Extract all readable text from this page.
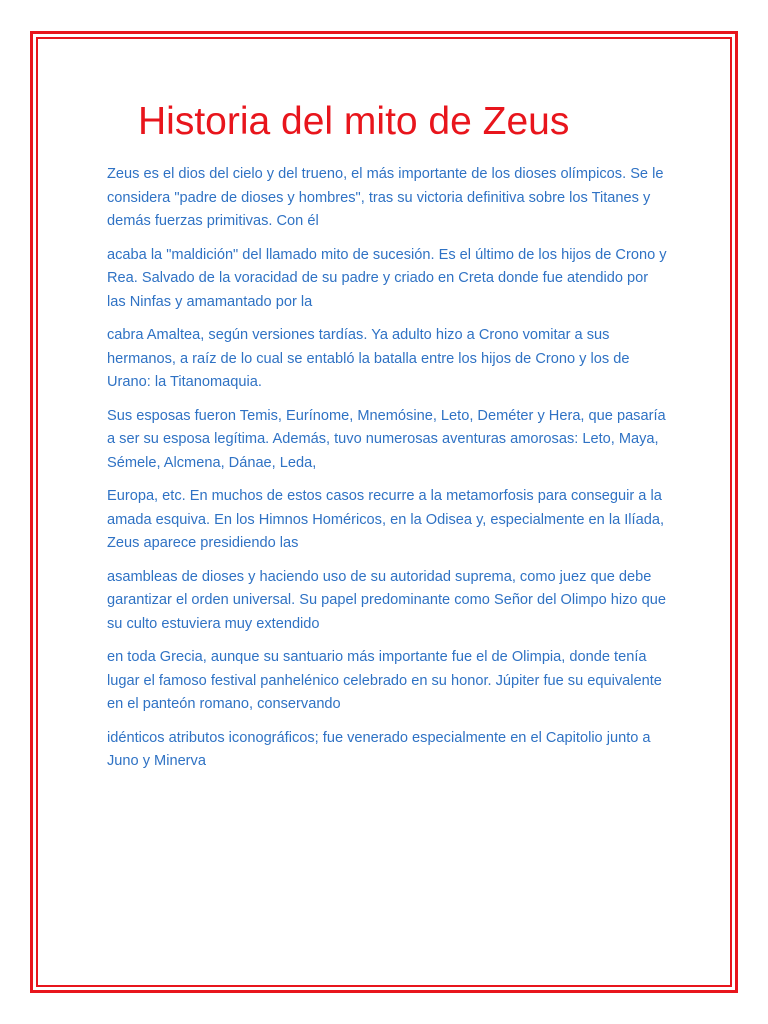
Historia del mito de Zeus

Zeus es el dios del cielo y del trueno, el más importante de los dioses olímpicos. Se le considera "padre de dioses y hombres", tras su victoria definitiva sobre los Titanes y demás fuerzas primitivas. Con él

acaba la "maldición" del llamado mito de sucesión. Es el último de los hijos de Crono y Rea. Salvado de la voracidad de su padre y criado en Creta donde fue atendido por las Ninfas y amamantado por la

cabra Amaltea, según versiones tardías. Ya adulto hizo a Crono vomitar a sus hermanos, a raíz de lo cual se entabló la batalla entre los hijos de Crono y los de Urano: la Titanomaquia.

Sus esposas fueron Temis, Eurínome, Mnemósine, Leto, Deméter y Hera, que pasaría a ser su esposa legítima. Además, tuvo numerosas aventuras amorosas: Leto, Maya, Sémele, Alcmena, Dánae, Leda,

Europa, etc. En muchos de estos casos recurre a la metamorfosis para conseguir a la amada esquiva. En los Himnos Homéricos, en la Odisea y, especialmente en la Ilíada, Zeus aparece presidiendo las

asambleas de dioses y haciendo uso de su autoridad suprema, como juez que debe garantizar el orden universal. Su papel predominante como Señor del Olimpo hizo que su culto estuviera muy extendido

en toda Grecia, aunque su santuario más importante fue el de Olimpia, donde tenía lugar el famoso festival panhelénico celebrado en su honor. Júpiter fue su equivalente en el panteón romano, conservando

idénticos atributos iconográficos; fue venerado especialmente en el Capitolio junto a Juno y Minerva
